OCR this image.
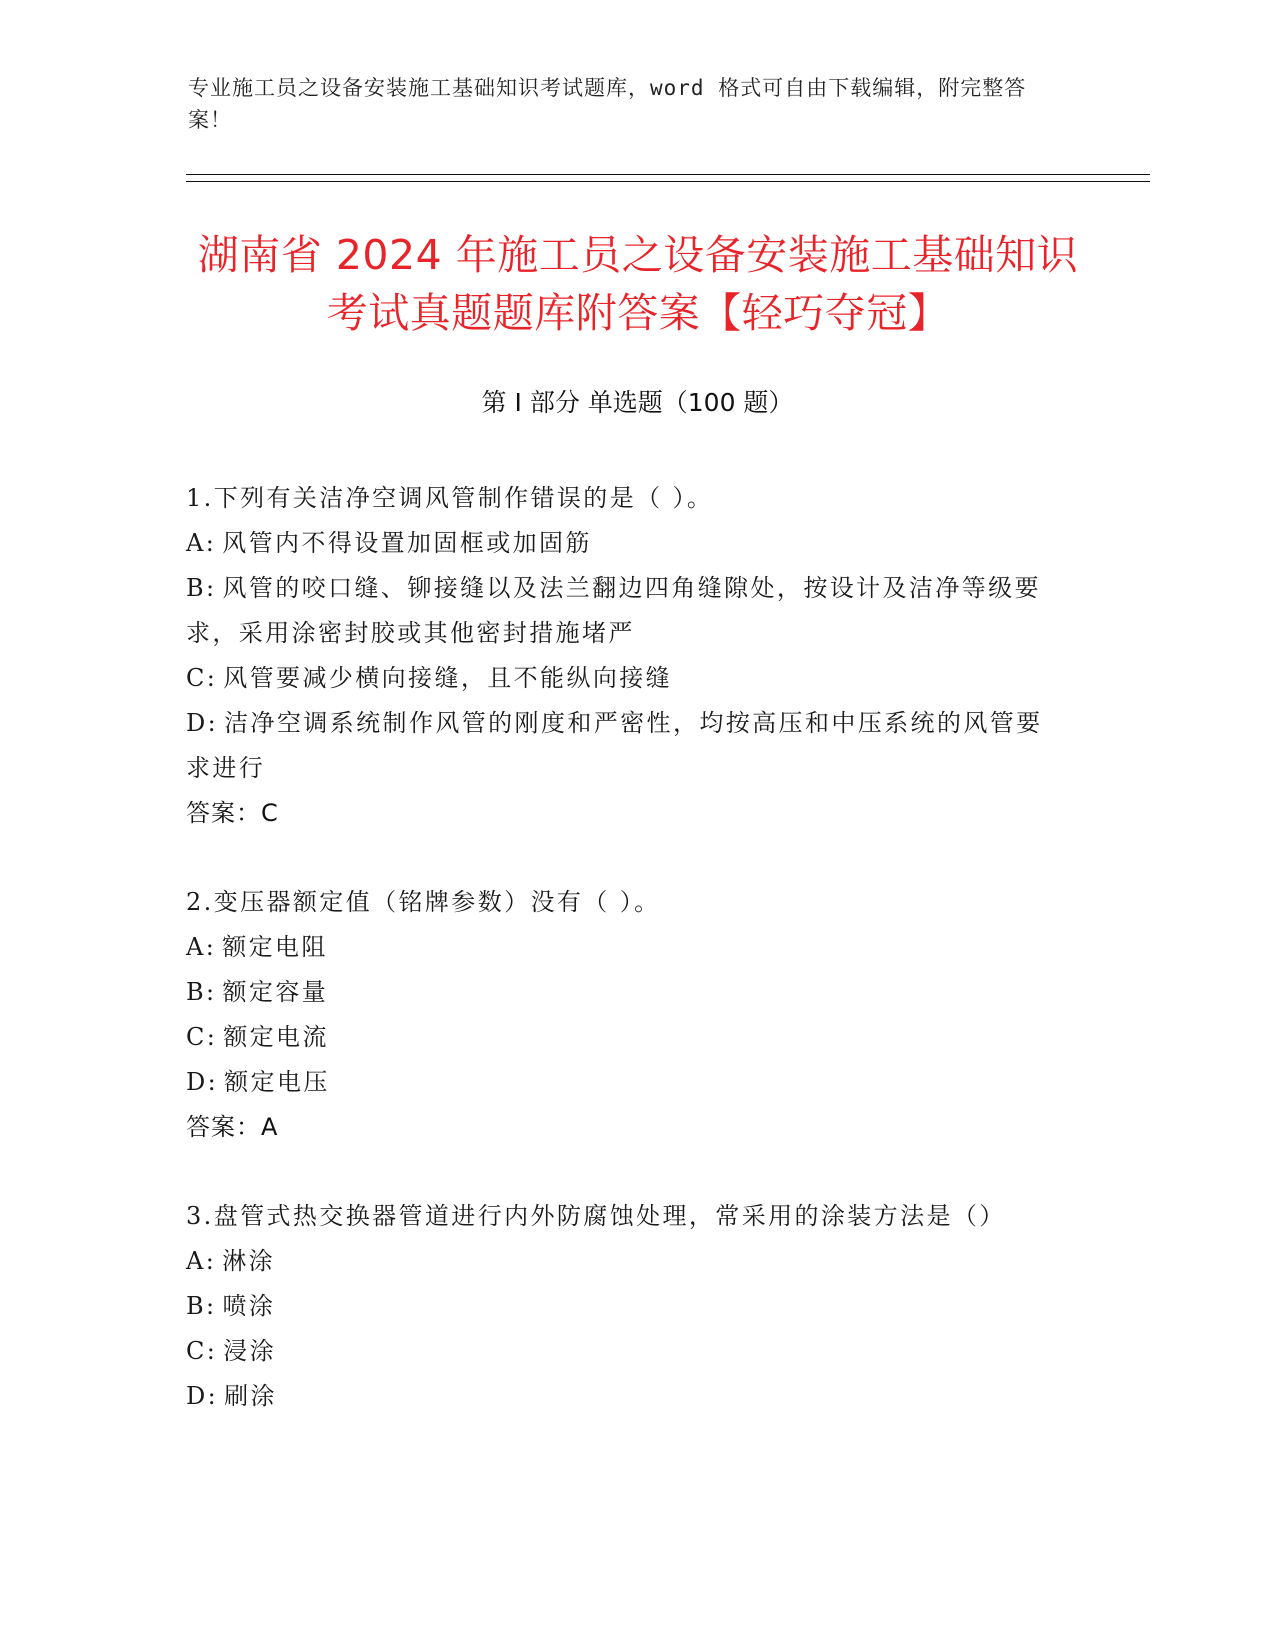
专业施工员之设备安装施工基础知识考试题库，word 格式可自由下载编辑，附完整答案！
湖南省 2024 年施工员之设备安装施工基础知识考试真题题库附答案【轻巧夺冠】
第 I 部分 单选题（100 题）
1.下列有关洁净空调风管制作错误的是（ ）。
A: 风管内不得设置加固框或加固筋
B: 风管的咬口缝、铆接缝以及法兰翻边四角缝隙处，按设计及洁净等级要求，采用涂密封胶或其他密封措施堵严
C: 风管要减少横向接缝，且不能纵向接缝
D: 洁净空调系统制作风管的刚度和严密性，均按高压和中压系统的风管要求进行
答案：C
2.变压器额定值（铭牌参数）没有（ ）。
A: 额定电阻
B: 额定容量
C: 额定电流
D: 额定电压
答案：A
3.盘管式热交换器管道进行内外防腐蚀处理，常采用的涂装方法是（）
A: 淋涂
B: 喷涂
C: 浸涂
D: 刷涂
